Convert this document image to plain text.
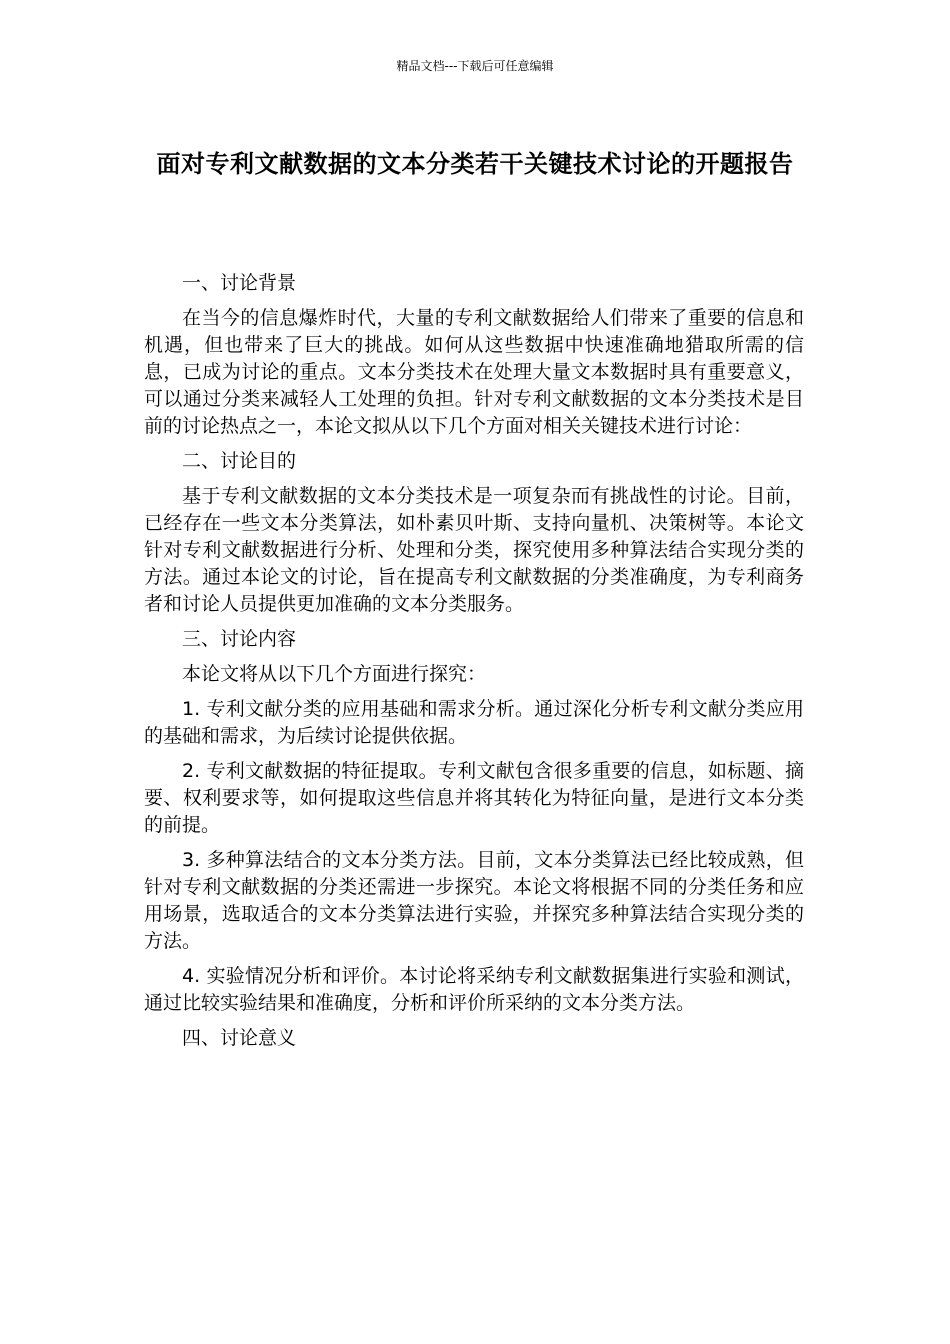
精品文档---下载后可任意编辑
面对专利文献数据的文本分类若干关键技术讨论的开题报告

一、讨论背景

在当今的信息爆炸时代，大量的专利文献数据给人们带来了重要的信息和机遇，但也带来了巨大的挑战。如何从这些数据中快速准确地猎取所需的信息，已成为讨论的重点。文本分类技术在处理大量文本数据时具有重要意义，可以通过分类来减轻人工处理的负担。针对专利文献数据的文本分类技术是目前的讨论热点之一，本论文拟从以下几个方面对相关关键技术进行讨论：

二、讨论目的

基于专利文献数据的文本分类技术是一项复杂而有挑战性的讨论。目前，已经存在一些文本分类算法，如朴素贝叶斯、支持向量机、决策树等。本论文针对专利文献数据进行分析、处理和分类，探究使用多种算法结合实现分类的方法。通过本论文的讨论，旨在提高专利文献数据的分类准确度，为专利商务者和讨论人员提供更加准确的文本分类服务。

三、讨论内容

本论文将从以下几个方面进行探究：

1. 专利文献分类的应用基础和需求分析。通过深化分析专利文献分类应用的基础和需求，为后续讨论提供依据。

2. 专利文献数据的特征提取。专利文献包含很多重要的信息，如标题、摘要、权利要求等，如何提取这些信息并将其转化为特征向量，是进行文本分类的前提。

3. 多种算法结合的文本分类方法。目前，文本分类算法已经比较成熟，但针对专利文献数据的分类还需进一步探究。本论文将根据不同的分类任务和应用场景，选取适合的文本分类算法进行实验，并探究多种算法结合实现分类的方法。

4. 实验情况分析和评价。本讨论将采纳专利文献数据集进行实验和测试，通过比较实验结果和准确度，分析和评价所采纳的文本分类方法。

四、讨论意义
